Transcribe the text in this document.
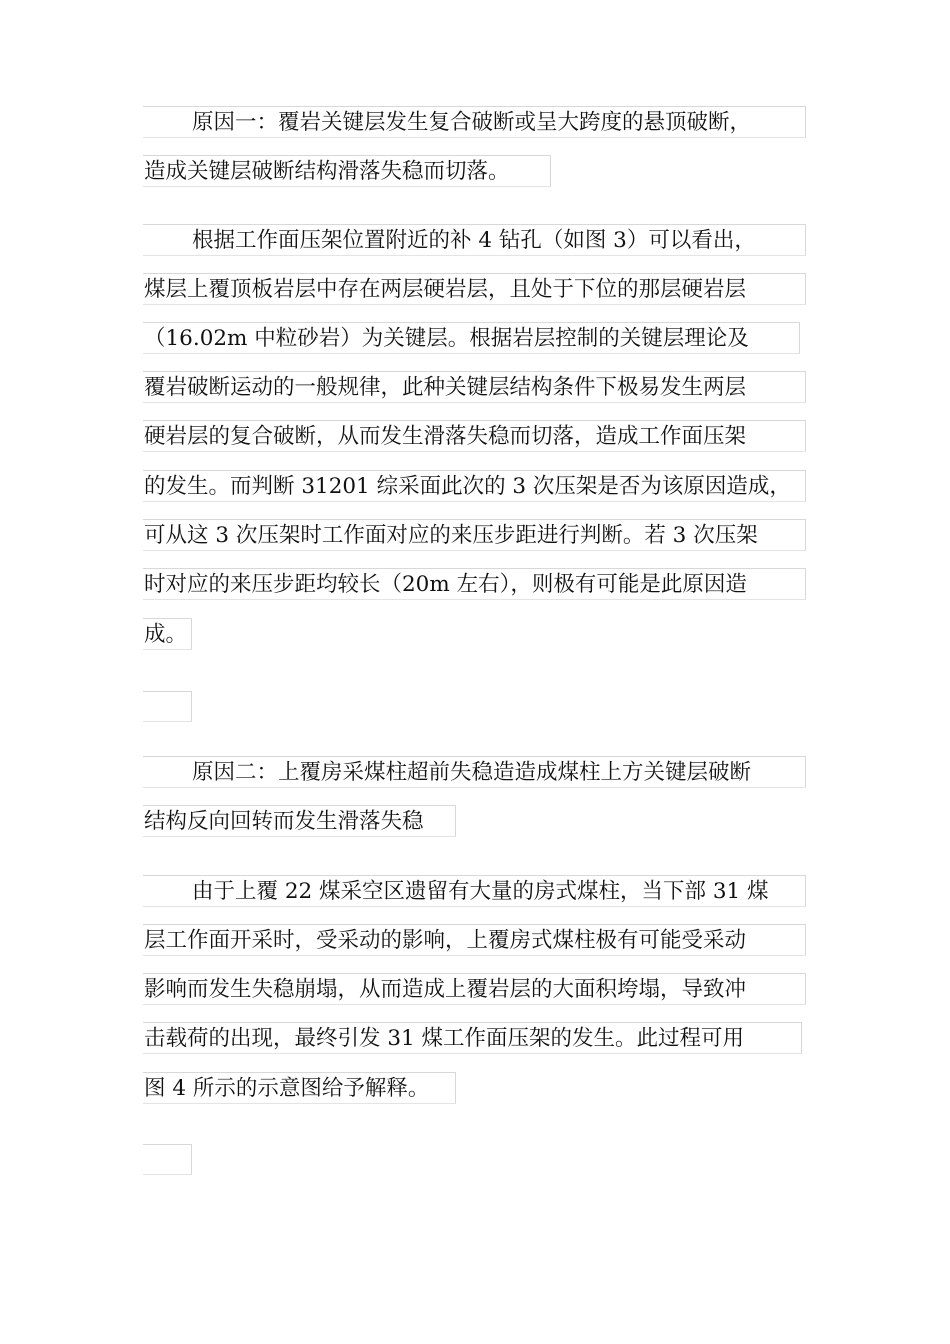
原因一：覆岩关键层发生复合破断或呈大跨度的悬顶破断，
造成关键层破断结构滑落失稳而切落。
根据工作面压架位置附近的补 4 钻孔（如图 3）可以看出，
煤层上覆顶板岩层中存在两层硬岩层，且处于下位的那层硬岩层
（16.02m 中粒砂岩）为关键层。根据岩层控制的关键层理论及
覆岩破断运动的一般规律，此种关键层结构条件下极易发生两层
硬岩层的复合破断，从而发生滑落失稳而切落，造成工作面压架
的发生。而判断 31201 综采面此次的 3 次压架是否为该原因造成，
可从这 3 次压架时工作面对应的来压步距进行判断。若 3 次压架
时对应的来压步距均较长（20m 左右），则极有可能是此原因造
成。
原因二：上覆房采煤柱超前失稳造造成煤柱上方关键层破断
结构反向回转而发生滑落失稳
由于上覆 22 煤采空区遗留有大量的房式煤柱，当下部 31 煤
层工作面开采时，受采动的影响，上覆房式煤柱极有可能受采动
影响而发生失稳崩塌，从而造成上覆岩层的大面积垮塌，导致冲
击载荷的出现，最终引发 31 煤工作面压架的发生。此过程可用
图 4 所示的示意图给予解释。
